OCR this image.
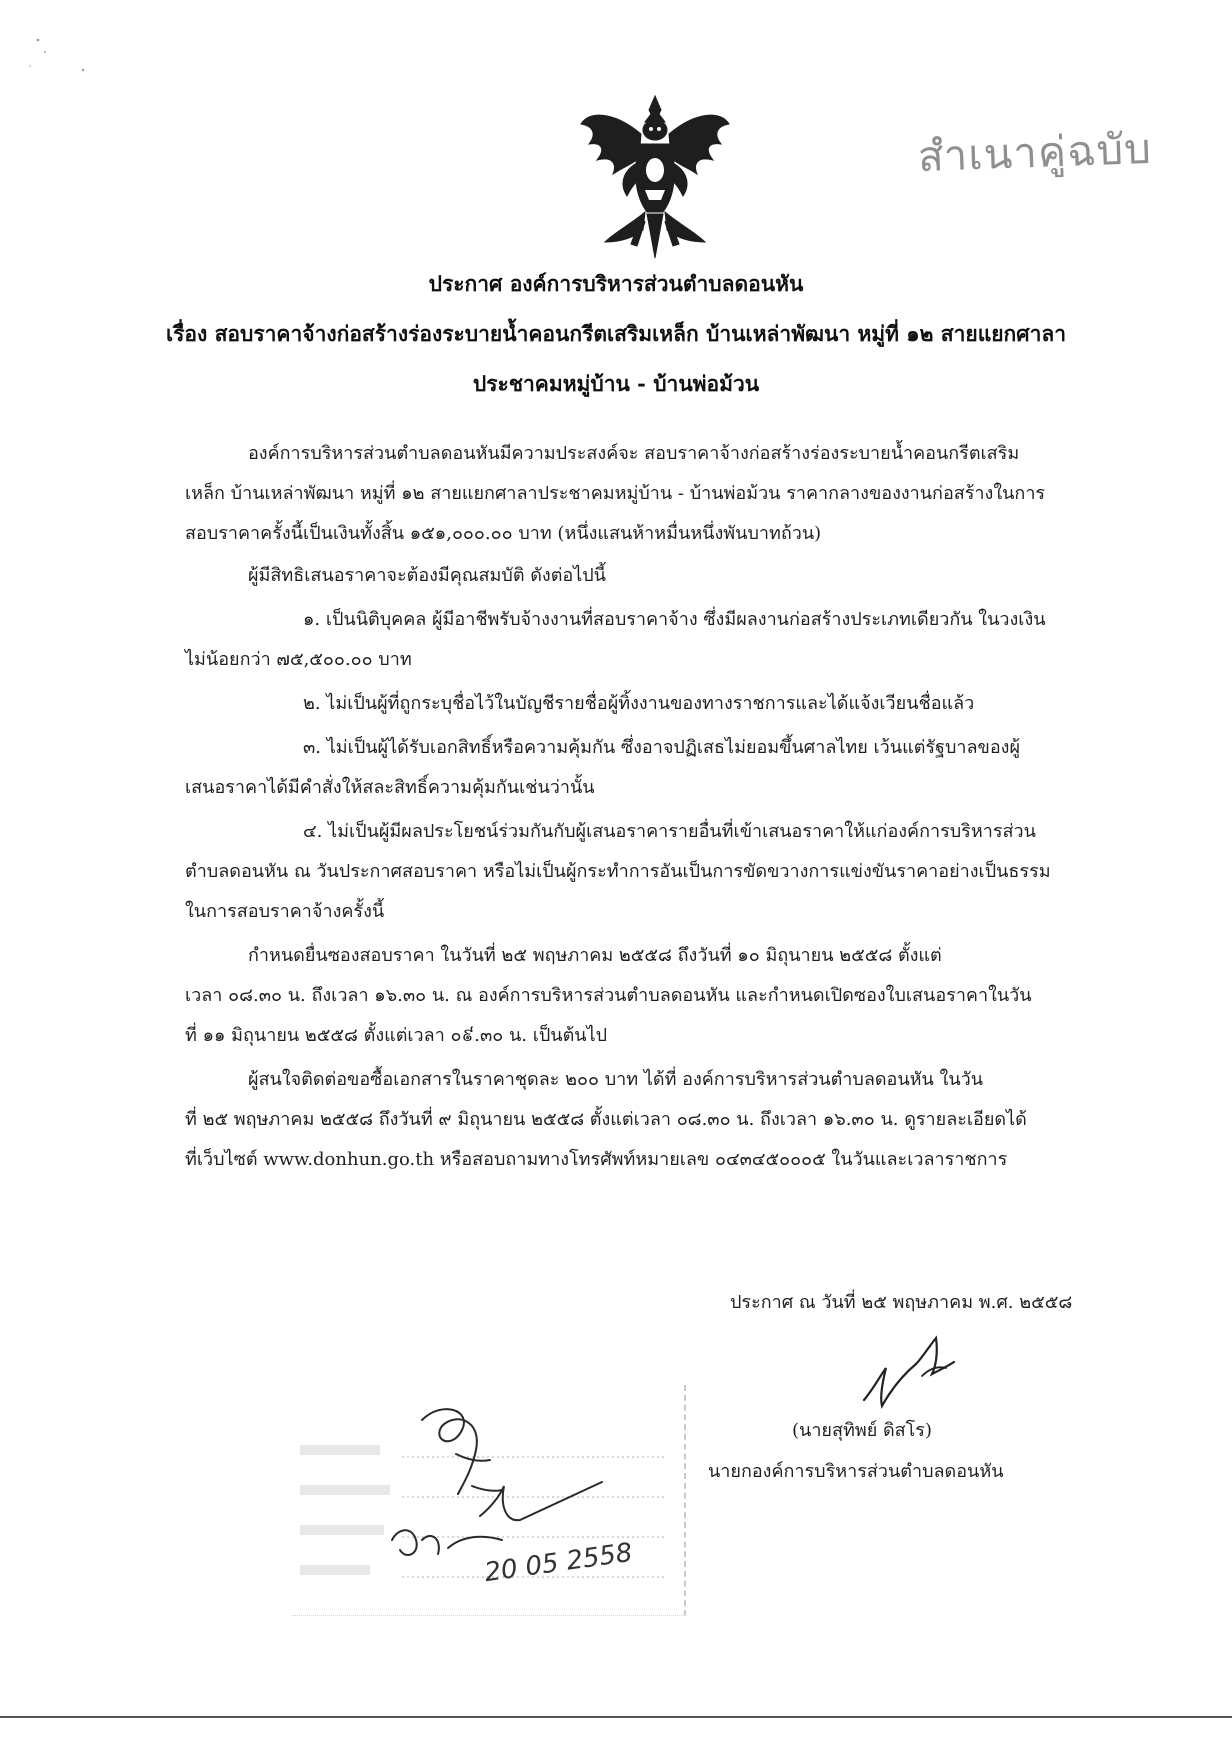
สำเนาคู่ฉบับ
ประกาศ องค์การบริหารส่วนตำบลดอนหัน
เรื่อง สอบราคาจ้างก่อสร้างร่องระบายน้ำคอนกรีตเสริมเหล็ก บ้านเหล่าพัฒนา หมู่ที่ ๑๒ สายแยกศาลา
ประชาคมหมู่บ้าน - บ้านพ่อม้วน
องค์การบริหารส่วนตำบลดอนหันมีความประสงค์จะ สอบราคาจ้างก่อสร้างร่องระบายน้ำคอนกรีตเสริม
เหล็ก บ้านเหล่าพัฒนา หมู่ที่ ๑๒ สายแยกศาลาประชาคมหมู่บ้าน - บ้านพ่อม้วน ราคากลางของงานก่อสร้างในการ
สอบราคาครั้งนี้เป็นเงินทั้งสิ้น ๑๕๑,๐๐๐.๐๐ บาท (หนึ่งแสนห้าหมื่นหนึ่งพันบาทถ้วน)
ผู้มีสิทธิเสนอราคาจะต้องมีคุณสมบัติ ดังต่อไปนี้
๑. เป็นนิติบุคคล ผู้มีอาชีพรับจ้างงานที่สอบราคาจ้าง ซึ่งมีผลงานก่อสร้างประเภทเดียวกัน ในวงเงิน
ไม่น้อยกว่า ๗๕,๕๐๐.๐๐ บาท
๒. ไม่เป็นผู้ที่ถูกระบุชื่อไว้ในบัญชีรายชื่อผู้ทิ้งงานของทางราชการและได้แจ้งเวียนชื่อแล้ว
๓. ไม่เป็นผู้ได้รับเอกสิทธิ์หรือความคุ้มกัน ซึ่งอาจปฏิเสธไม่ยอมขึ้นศาลไทย เว้นแต่รัฐบาลของผู้
เสนอราคาได้มีคำสั่งให้สละสิทธิ์ความคุ้มกันเช่นว่านั้น
๔. ไม่เป็นผู้มีผลประโยชน์ร่วมกันกับผู้เสนอราคารายอื่นที่เข้าเสนอราคาให้แก่องค์การบริหารส่วน
ตำบลดอนหัน ณ วันประกาศสอบราคา หรือไม่เป็นผู้กระทำการอันเป็นการขัดขวางการแข่งขันราคาอย่างเป็นธรรม
ในการสอบราคาจ้างครั้งนี้
กำหนดยื่นซองสอบราคา ในวันที่ ๒๕ พฤษภาคม ๒๕๕๘ ถึงวันที่ ๑๐ มิถุนายน ๒๕๕๘ ตั้งแต่
เวลา ๐๘.๓๐ น. ถึงเวลา ๑๖.๓๐ น. ณ องค์การบริหารส่วนตำบลดอนหัน และกำหนดเปิดซองใบเสนอราคาในวัน
ที่ ๑๑ มิถุนายน ๒๕๕๘ ตั้งแต่เวลา ๐៩.๓๐ น. เป็นต้นไป
ผู้สนใจติดต่อขอซื้อเอกสารในราคาชุดละ ๒๐๐ บาท ได้ที่ องค์การบริหารส่วนตำบลดอนหัน ในวัน
ที่ ๒๕ พฤษภาคม ๒๕๕๘ ถึงวันที่ ๙ มิถุนายน ๒๕๕๘ ตั้งแต่เวลา ๐๘.๓๐ น. ถึงเวลา ๑๖.๓๐ น. ดูรายละเอียดได้
ที่เว็บไซต์ www.donhun.go.th หรือสอบถามทางโทรศัพท์หมายเลข ๐๔๓๔๕๐๐๐๕ ในวันและเวลาราชการ
ประกาศ ณ วันที่ ๒๕ พฤษภาคม พ.ศ. ๒๕๕๘
(นายสุทิพย์ ดิสโร)
นายกองค์การบริหารส่วนตำบลดอนหัน
20 05 2558
